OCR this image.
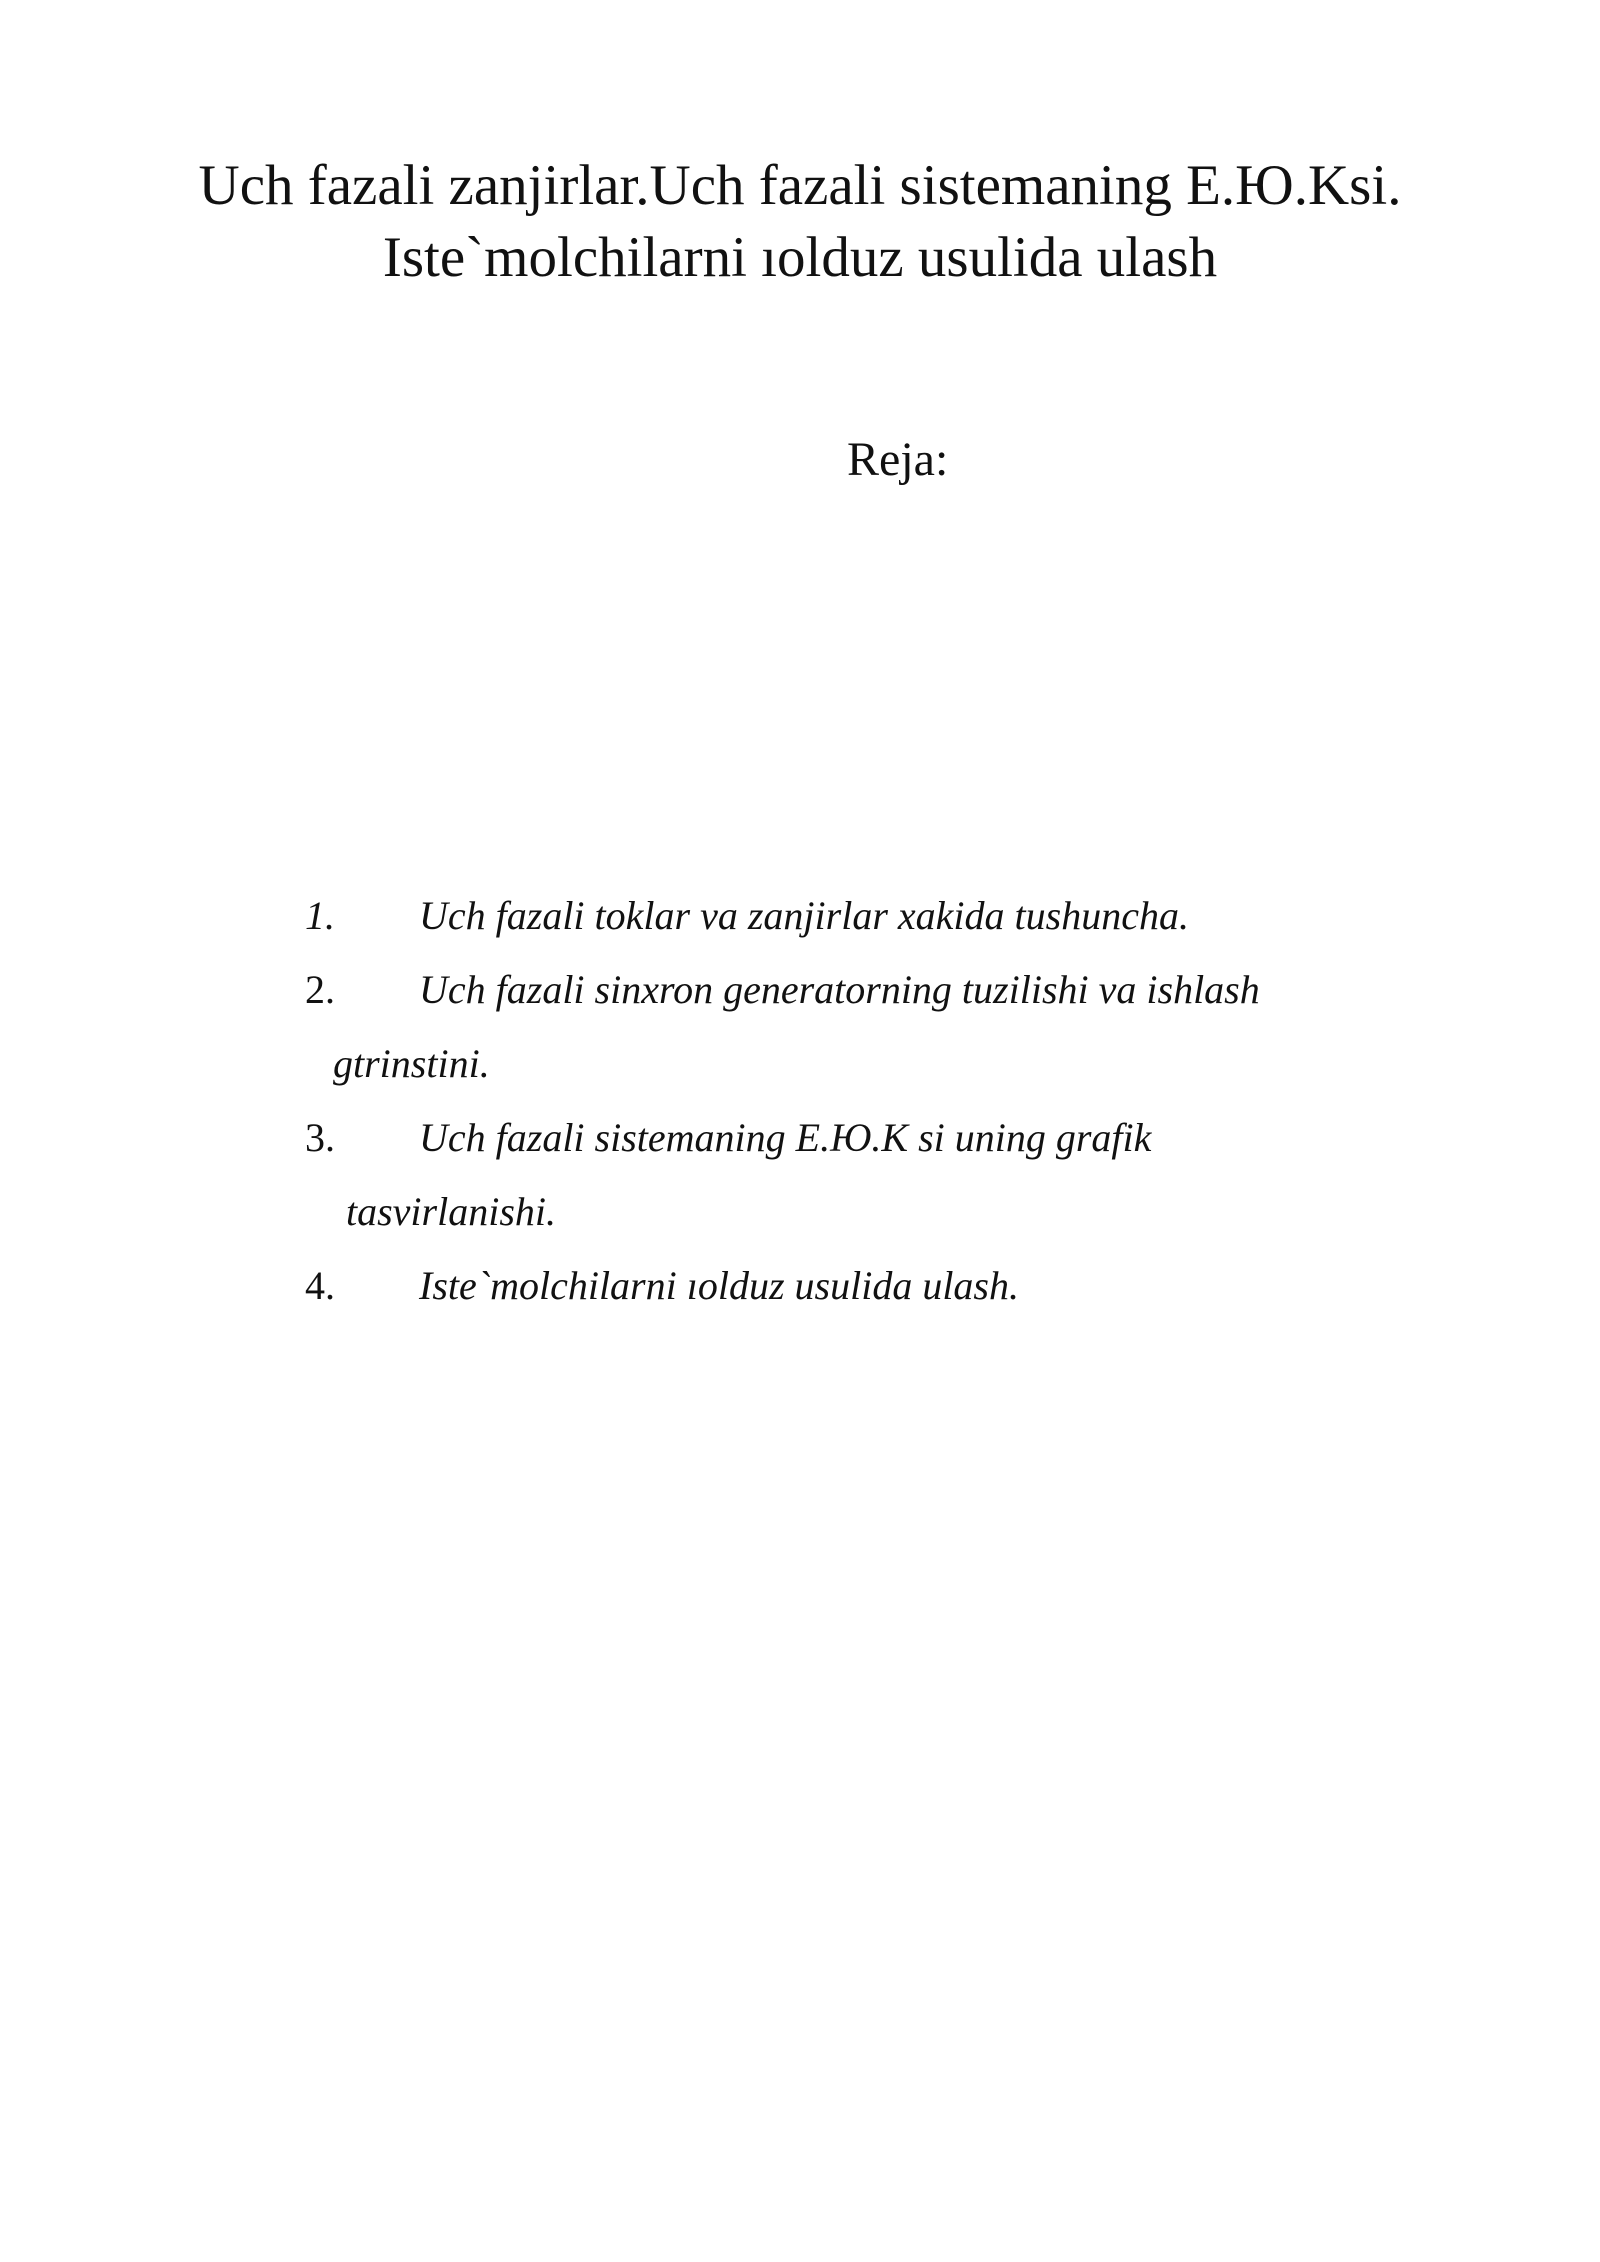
Uch fazali zanjirlar.Uch fazali sistemaning E.Ю.Ksi.
Iste`molchilarni ıolduz usulida ulash
Reja:
1. Uch fazali toklar va zanjirlar xakida tushuncha.
2. Uch fazali sinxron generatorning tuzilishi va ishlash
gtrinstini.
3. Uch fazali sistemaning E.Ю.K si uning grafik
tasvirlanishi.
4. Iste`molchilarni ıolduz usulida ulash.
